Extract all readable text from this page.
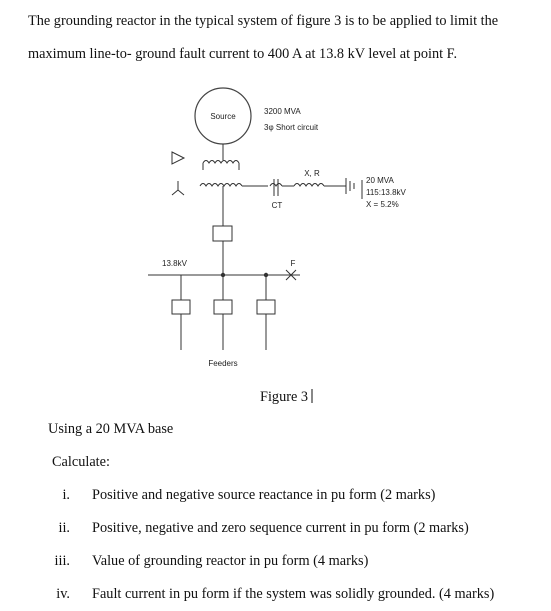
The grounding reactor in the typical system of figure 3 is to be applied to limit the
maximum line-to- ground fault current to 400 A at 13.8 kV level at point F.
Source
3200 MVA
3φ Short circuit
CT
X, R
20 MVA
115:13.8kV
X = 5.2%
13.8kV	F
Feeders
Figure 3
Using a 20 MVA base
Calculate:
i. Positive and negative source reactance in pu form (2 marks)
ii. Positive, negative and zero sequence current in pu form (2 marks)
iii. Value of grounding reactor in pu form (4 marks)
iv. Fault current in pu form if the system was solidly grounded. (4 marks)
